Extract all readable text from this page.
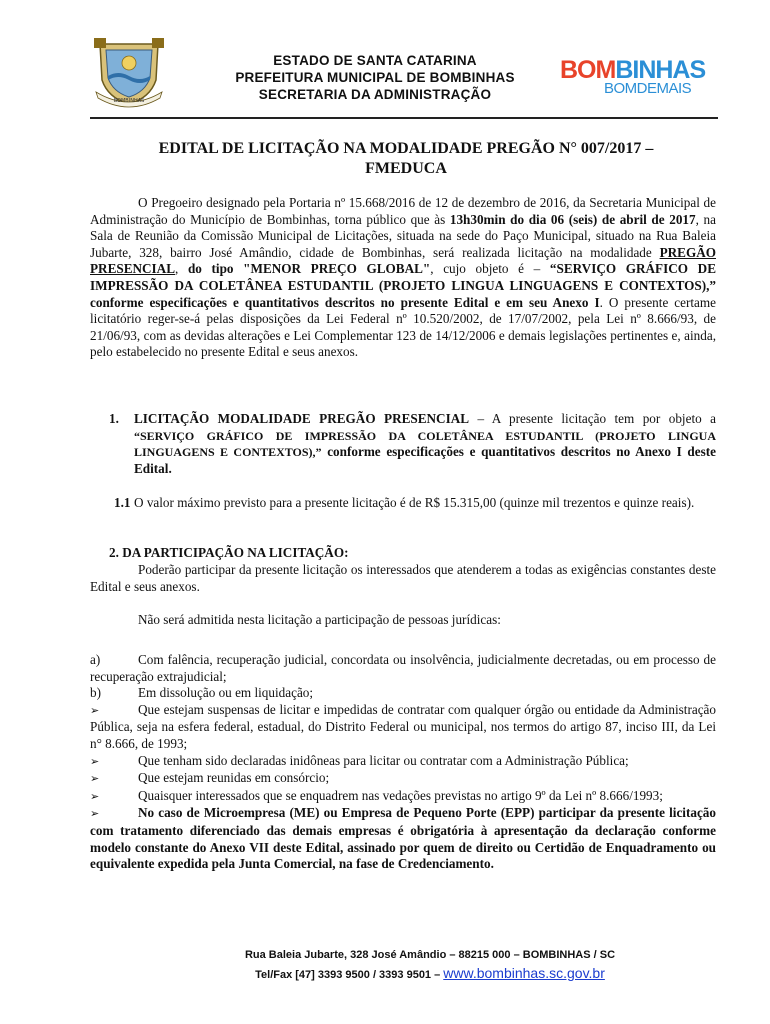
BOMBINHAS
ESTADO DE SANTA CATARINA
PREFEITURA MUNICIPAL DE BOMBINHAS
SECRETARIA DA ADMINISTRAÇÃO
BOMBINHAS
BOMDEMAIS
EDITAL DE LICITAÇÃO NA MODALIDADE PREGÃO N° 007/2017 –
FMEDUCA
O Pregoeiro designado pela Portaria nº 15.668/2016 de 12 de dezembro de 2016, da Secretaria Municipal de Administração do Município de Bombinhas, torna público que às 13h30min do dia 06 (seis) de abril de 2017, na Sala de Reunião da Comissão Municipal de Licitações, situada na sede do Paço Municipal, situado na Rua Baleia Jubarte, 328, bairro José Amândio, cidade de Bombinhas, será realizada licitação na modalidade PREGÃO PRESENCIAL, do tipo "MENOR PREÇO GLOBAL", cujo objeto é – “SERVIÇO GRÁFICO DE IMPRESSÃO DA COLETÂNEA ESTUDANTIL (PROJETO LINGUA LINGUAGENS E CONTEXTOS),” conforme especificações e quantitativos descritos no presente Edital e em seu Anexo I. O presente certame licitatório reger-se-á pelas disposições da Lei Federal nº 10.520/2002, de 17/07/2002, pela Lei nº 8.666/93, de 21/06/93, com as devidas alterações e Lei Complementar 123 de 14/12/2006 e demais legislações pertinentes e, ainda, pelo estabelecido no presente Edital e seus anexos.
1. LICITAÇÃO MODALIDADE PREGÃO PRESENCIAL – A presente licitação tem por objeto a “SERVIÇO GRÁFICO DE IMPRESSÃO DA COLETÂNEA ESTUDANTIL (PROJETO LINGUA LINGUAGENS E CONTEXTOS),” conforme especificações e quantitativos descritos no Anexo I deste Edital.
1.1 O valor máximo previsto para a presente licitação é de R$ 15.315,00 (quinze mil trezentos e quinze reais).
2. DA PARTICIPAÇÃO NA LICITAÇÃO:
Poderão participar da presente licitação os interessados que atenderem a todas as exigências constantes deste Edital e seus anexos.
Não será admitida nesta licitação a participação de pessoas jurídicas:
a)	Com falência, recuperação judicial, concordata ou insolvência, judicialmente decretadas, ou em processo de recuperação extrajudicial;
b)	Em dissolução ou em liquidação;
➢	Que estejam suspensas de licitar e impedidas de contratar com qualquer órgão ou entidade da Administração Pública, seja na esfera federal, estadual, do Distrito Federal ou municipal, nos termos do artigo 87, inciso III, da Lei n° 8.666, de 1993;
➢	Que tenham sido declaradas inidôneas para licitar ou contratar com a Administração Pública;
➢	Que estejam reunidas em consórcio;
➢	Quaisquer interessados que se enquadrem nas vedações previstas no artigo 9º da Lei nº 8.666/1993;
➢	No caso de Microempresa (ME) ou Empresa de Pequeno Porte (EPP) participar da presente licitação com tratamento diferenciado das demais empresas é obrigatória à apresentação da declaração conforme modelo constante do Anexo VII deste Edital, assinado por quem de direito ou Certidão de Enquadramento ou equivalente expedida pela Junta Comercial, na fase de Credenciamento.
Rua Baleia Jubarte, 328 José Amândio – 88215 000 – BOMBINHAS / SC
Tel/Fax [47] 3393 9500 / 3393 9501 – www.bombinhas.sc.gov.br
